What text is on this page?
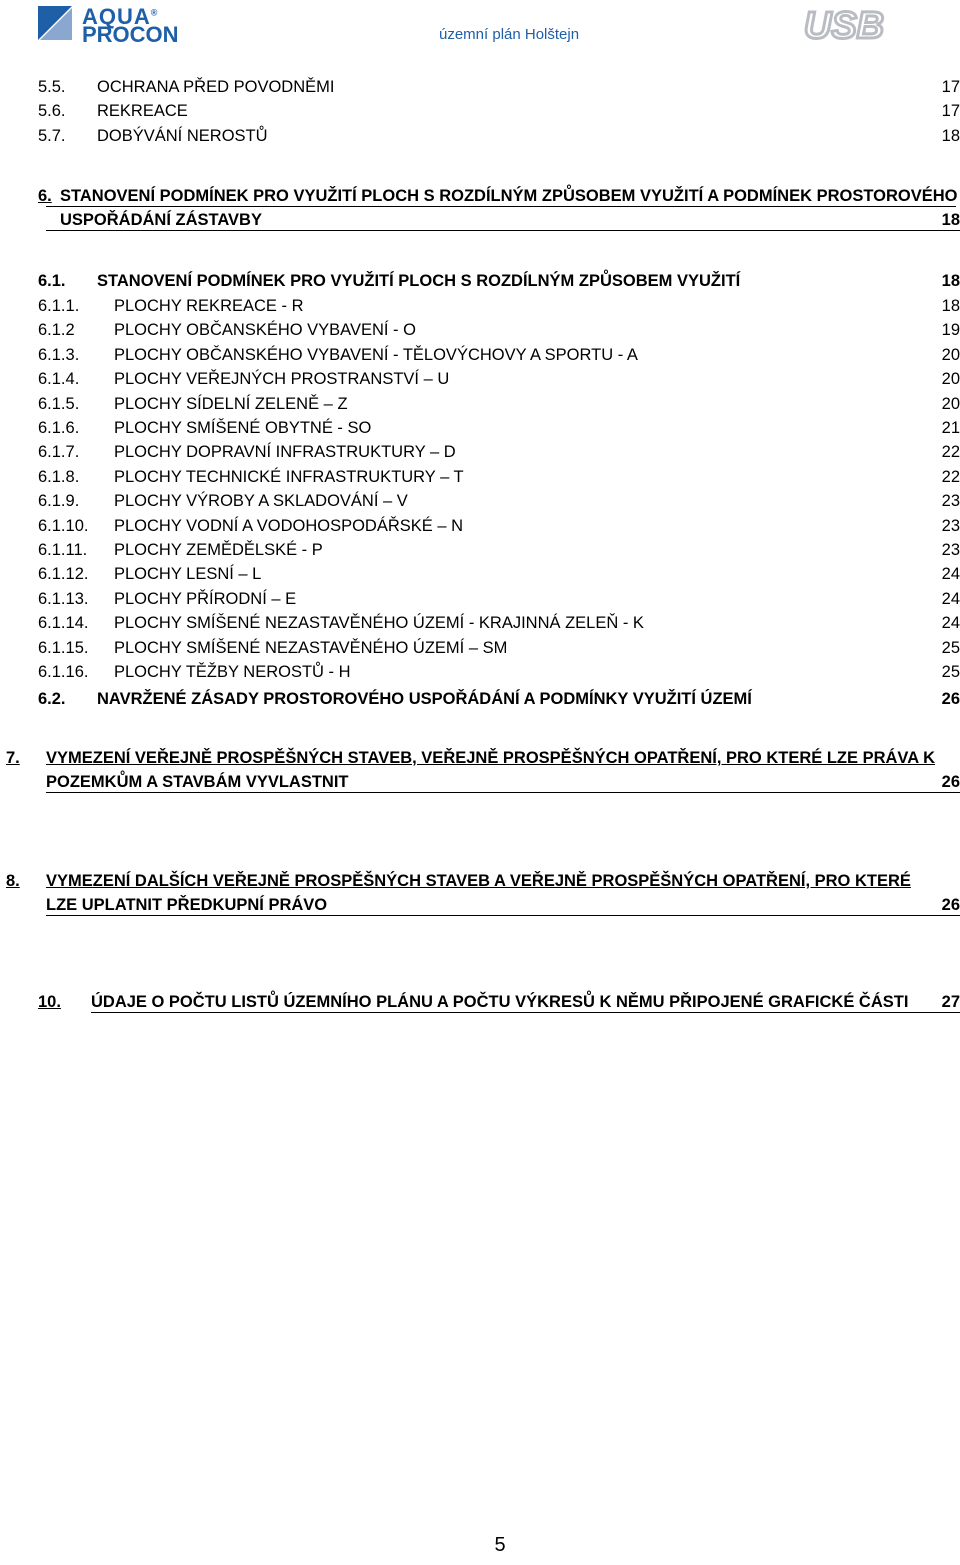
AQUA®
PROCON	územní plán Holštejn	USB
5.5. OCHRANA PŘED POVODNĚMI	17
5.6. REKREACE	17
5.7. DOBÝVÁNÍ NEROSTŮ	18
6. STANOVENÍ PODMÍNEK PRO VYUŽITÍ PLOCH S ROZDÍLNÝM ZPŮSOBEM VYUŽITÍ A PODMÍNEK PROSTOROVÉHO
USPOŘÁDÁNÍ ZÁSTAVBY	18
6.1. STANOVENÍ PODMÍNEK PRO VYUŽITÍ PLOCH S ROZDÍLNÝM ZPŮSOBEM VYUŽITÍ	18
6.1.1. PLOCHY REKREACE - R	18
6.1.2 PLOCHY OBČANSKÉHO VYBAVENÍ - O	19
6.1.3. PLOCHY OBČANSKÉHO VYBAVENÍ - TĚLOVÝCHOVY A SPORTU - A	20
6.1.4. PLOCHY VEŘEJNÝCH PROSTRANSTVÍ – U	20
6.1.5. PLOCHY SÍDELNÍ ZELENĚ – Z	20
6.1.6. PLOCHY SMÍŠENÉ OBYTNÉ - SO	21
6.1.7. PLOCHY DOPRAVNÍ INFRASTRUKTURY – D	22
6.1.8. PLOCHY TECHNICKÉ INFRASTRUKTURY – T	22
6.1.9. PLOCHY VÝROBY A SKLADOVÁNÍ – V	23
6.1.10. PLOCHY VODNÍ A VODOHOSPODÁŘSKÉ – N	23
6.1.11. PLOCHY ZEMĚDĚLSKÉ - P	23
6.1.12. PLOCHY LESNÍ – L	24
6.1.13. PLOCHY PŘÍRODNÍ – E	24
6.1.14. PLOCHY SMÍŠENÉ NEZASTAVĚNÉHO ÚZEMÍ - KRAJINNÁ ZELEŇ - K	24
6.1.15. PLOCHY SMÍŠENÉ NEZASTAVĚNÉHO ÚZEMÍ – SM	25
6.1.16. PLOCHY TĚŽBY NEROSTŮ - H	25
6.2. NAVRŽENÉ ZÁSADY PROSTOROVÉHO USPOŘÁDÁNÍ A PODMÍNKY VYUŽITÍ ÚZEMÍ	26
7. VYMEZENÍ VEŘEJNĚ PROSPĚŠNÝCH STAVEB, VEŘEJNĚ PROSPĚŠNÝCH OPATŘENÍ, PRO KTERÉ LZE PRÁVA K
POZEMKŮM A STAVBÁM VYVLASTNIT	26
8. VYMEZENÍ DALŠÍCH VEŘEJNĚ PROSPĚŠNÝCH STAVEB A VEŘEJNĚ PROSPĚŠNÝCH OPATŘENÍ, PRO KTERÉ
LZE UPLATNIT PŘEDKUPNÍ PRÁVO	26
10. ÚDAJE O POČTU LISTŮ ÚZEMNÍHO PLÁNU A POČTU VÝKRESŮ K NĚMU PŘIPOJENÉ GRAFICKÉ ČÁSTI	27
5
